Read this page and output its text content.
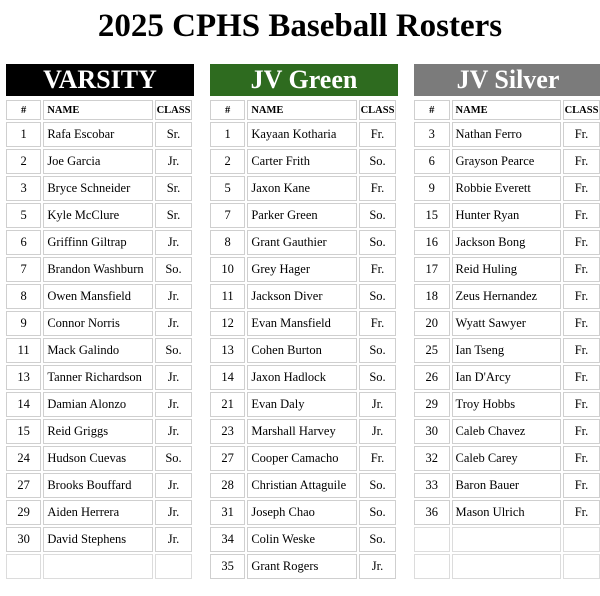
2025 CPHS Baseball Rosters
VARSITY
#	NAME	CLASS
1	Rafa Escobar	Sr.
2	Joe Garcia	Jr.
3	Bryce Schneider	Sr.
5	Kyle McClure	Sr.
6	Griffinn Giltrap	Jr.
7	Brandon Washburn	So.
8	Owen Mansfield	Jr.
9	Connor Norris	Jr.
11	Mack Galindo	So.
13	Tanner Richardson	Jr.
14	Damian Alonzo	Jr.
15	Reid Griggs	Jr.
24	Hudson Cuevas	So.
27	Brooks Bouffard	Jr.
29	Aiden Herrera	Jr.
30	David Stephens	Jr.

JV Green
#	NAME	CLASS
1	Kayaan Kotharia	Fr.
2	Carter Frith	So.
5	Jaxon Kane	Fr.
7	Parker Green	So.
8	Grant Gauthier	So.
10	Grey Hager	Fr.
11	Jackson Diver	So.
12	Evan Mansfield	Fr.
13	Cohen Burton	So.
14	Jaxon Hadlock	So.
21	Evan Daly	Jr.
23	Marshall Harvey	Jr.
27	Cooper Camacho	Fr.
28	Christian Attaguile	So.
31	Joseph Chao	So.
34	Colin Weske	So.
35	Grant Rogers	Jr.
JV Silver
#	NAME	CLASS
3	Nathan Ferro	Fr.
6	Grayson Pearce	Fr.
9	Robbie Everett	Fr.
15	Hunter Ryan	Fr.
16	Jackson Bong	Fr.
17	Reid Huling	Fr.
18	Zeus Hernandez	Fr.
20	Wyatt Sawyer	Fr.
25	Ian Tseng	Fr.
26	Ian D'Arcy	Fr.
29	Troy Hobbs	Fr.
30	Caleb Chavez	Fr.
32	Caleb Carey	Fr.
33	Baron Bauer	Fr.
36	Mason Ulrich	Fr.
